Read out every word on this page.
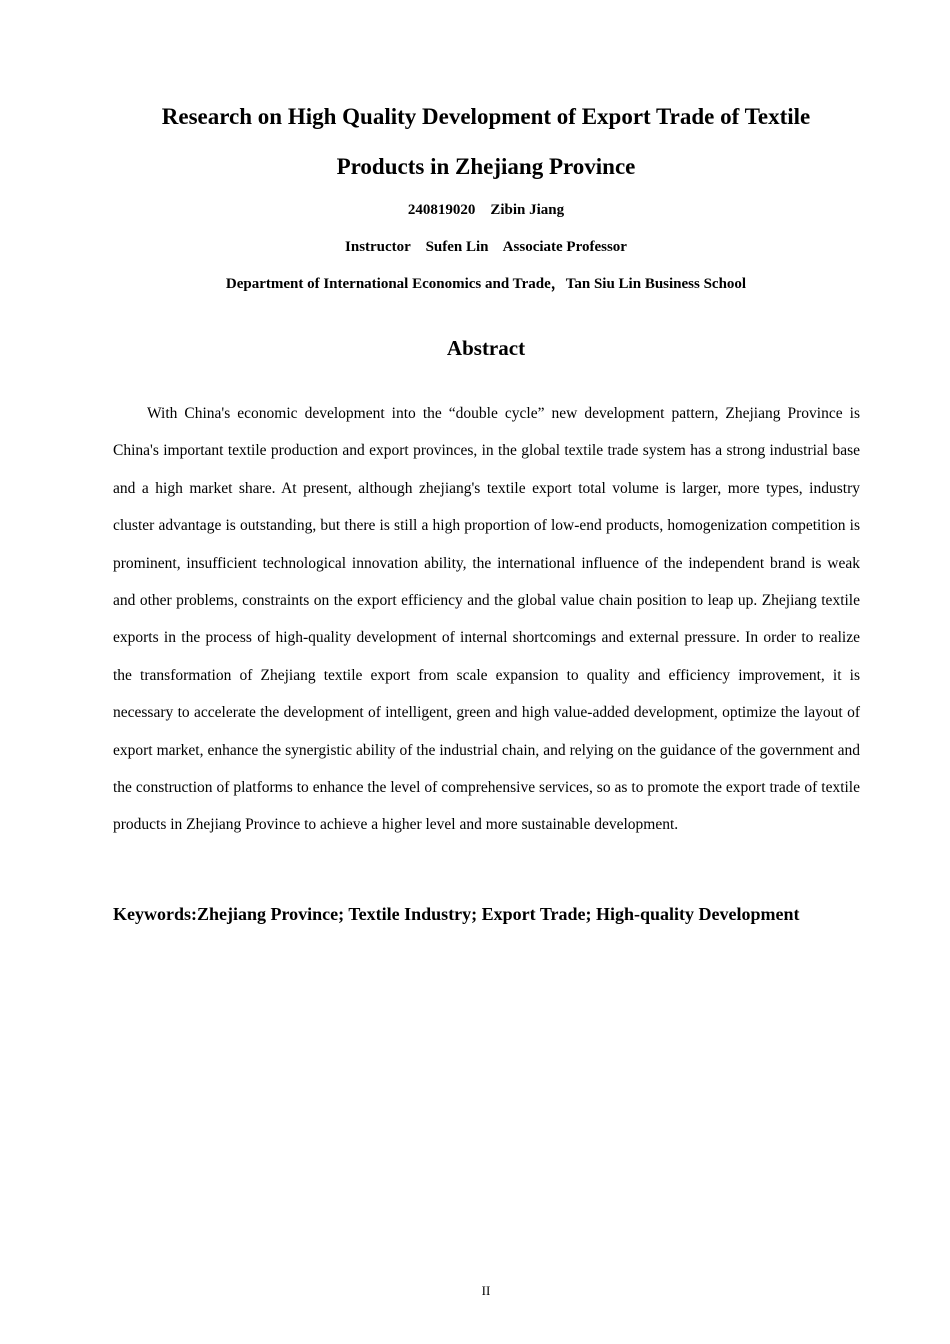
Research on High Quality Development of Export Trade of Textile
Products in Zhejiang Province
240819020    Zibin Jiang
Instructor    Sufen Lin    Associate Professor
Department of International Economics and Trade，Tan Siu Lin Business School
Abstract

With China's economic development into the “double cycle” new development pattern, Zhejiang Province is China's important textile production and export provinces, in the global textile trade system has a strong industrial base and a high market share. At present, although zhejiang's textile export total volume is larger, more types, industry cluster advantage is outstanding, but there is still a high proportion of low-end products, homogenization competition is prominent, insufficient technological innovation ability, the international influence of the independent brand is weak and other problems, constraints on the export efficiency and the global value chain position to leap up. Zhejiang textile exports in the process of high-quality development of internal shortcomings and external pressure. In order to realize the transformation of Zhejiang textile export from scale expansion to quality and efficiency improvement, it is necessary to accelerate the development of intelligent, green and high value-added development, optimize the layout of export market, enhance the synergistic ability of the industrial chain, and relying on the guidance of the government and the construction of platforms to enhance the level of comprehensive services, so as to promote the export trade of textile products in Zhejiang Province to achieve a higher level and more sustainable development.

Keywords:Zhejiang Province; Textile Industry; Export Trade; High-quality Development
II
